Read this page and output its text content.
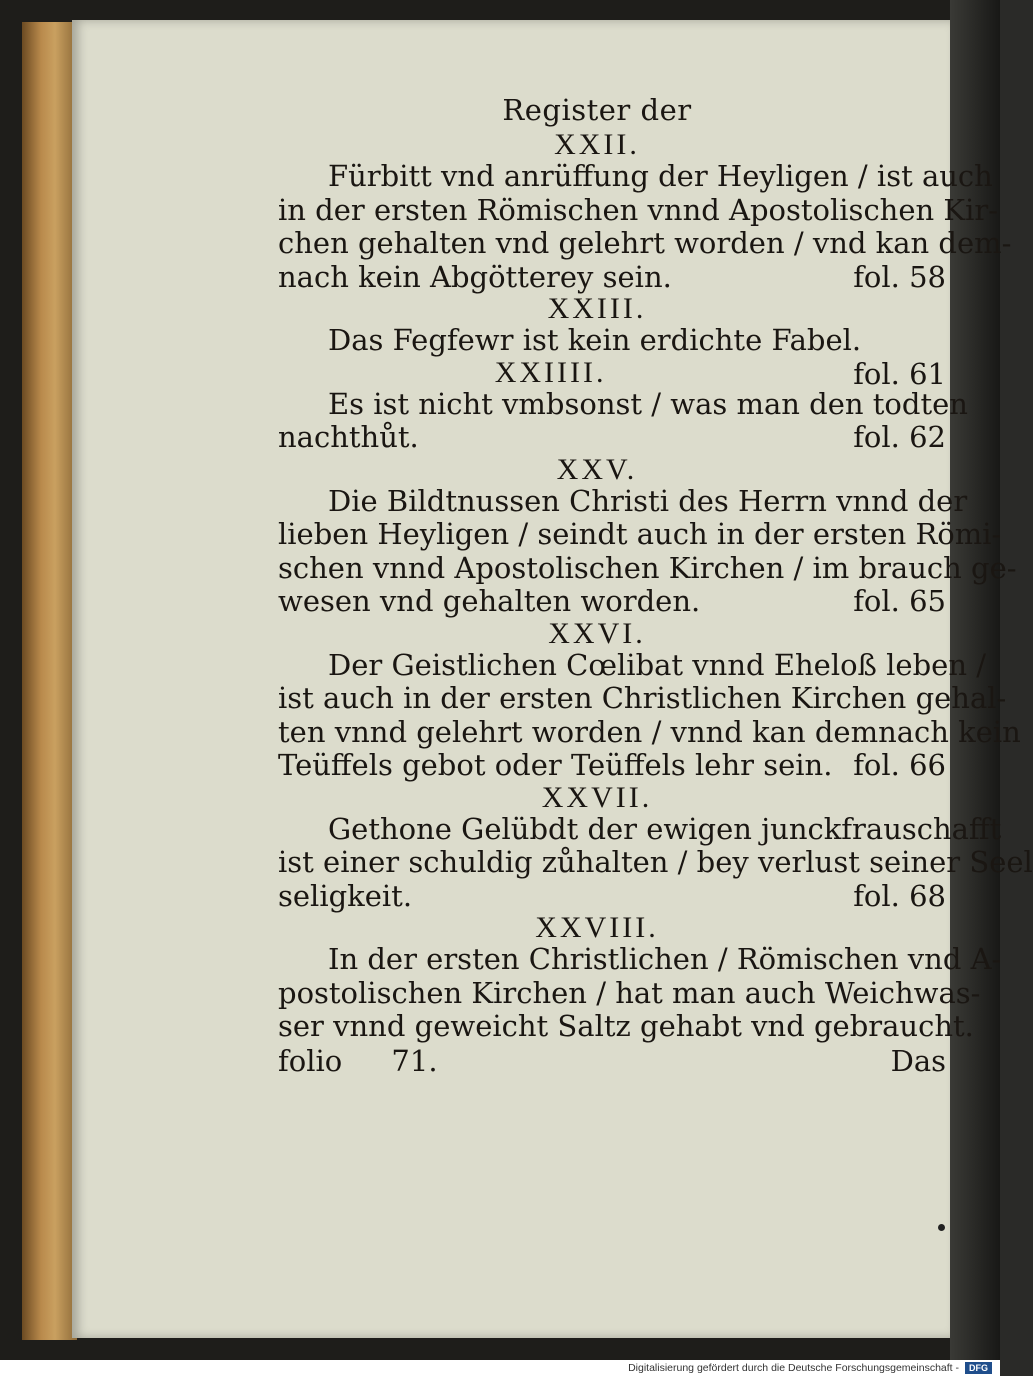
Register der
XXII.
Fürbitt vnd anrüffung der Heyligen / ist auch
in der ersten Römischen vnnd Apostolischen Kir-
chen gehalten vnd gelehrt worden / vnd kan dem-
nach kein Abgötterey sein.	fol. 58
XXIII.
Das Fegfewr ist kein erdichte Fabel.
fol. 61
XXIIII.
Es ist nicht vmbsonst / was man den todten
nachthůt.	fol. 62
XXV.
Die Bildtnussen Christi des Herrn vnnd der
lieben Heyligen / seindt auch in der ersten Römi-
schen vnnd Apostolischen Kirchen / im brauch ge-
wesen vnd gehalten worden.	fol. 65
XXVI.
Der Geistlichen Cœlibat vnnd Eheloß leben /
ist auch in der ersten Christlichen Kirchen gehal-
ten vnnd gelehrt worden / vnnd kan demnach kein
Teüffels gebot oder Teüffels lehr sein. fol. 66
XXVII.
Gethone Gelübdt der ewigen junckfrauschafft
ist einer schuldig zůhalten / bey verlust seiner Seel
seligkeit.	fol. 68
XXVIII.
In der ersten Christlichen / Römischen vnd A-
postolischen Kirchen / hat man auch Weichwas-
ser vnnd geweicht Saltz gehabt vnd gebraucht.
folio 71.	Das
Digitalisierung gefördert durch die Deutsche Forschungsgemeinschaft - DFG
